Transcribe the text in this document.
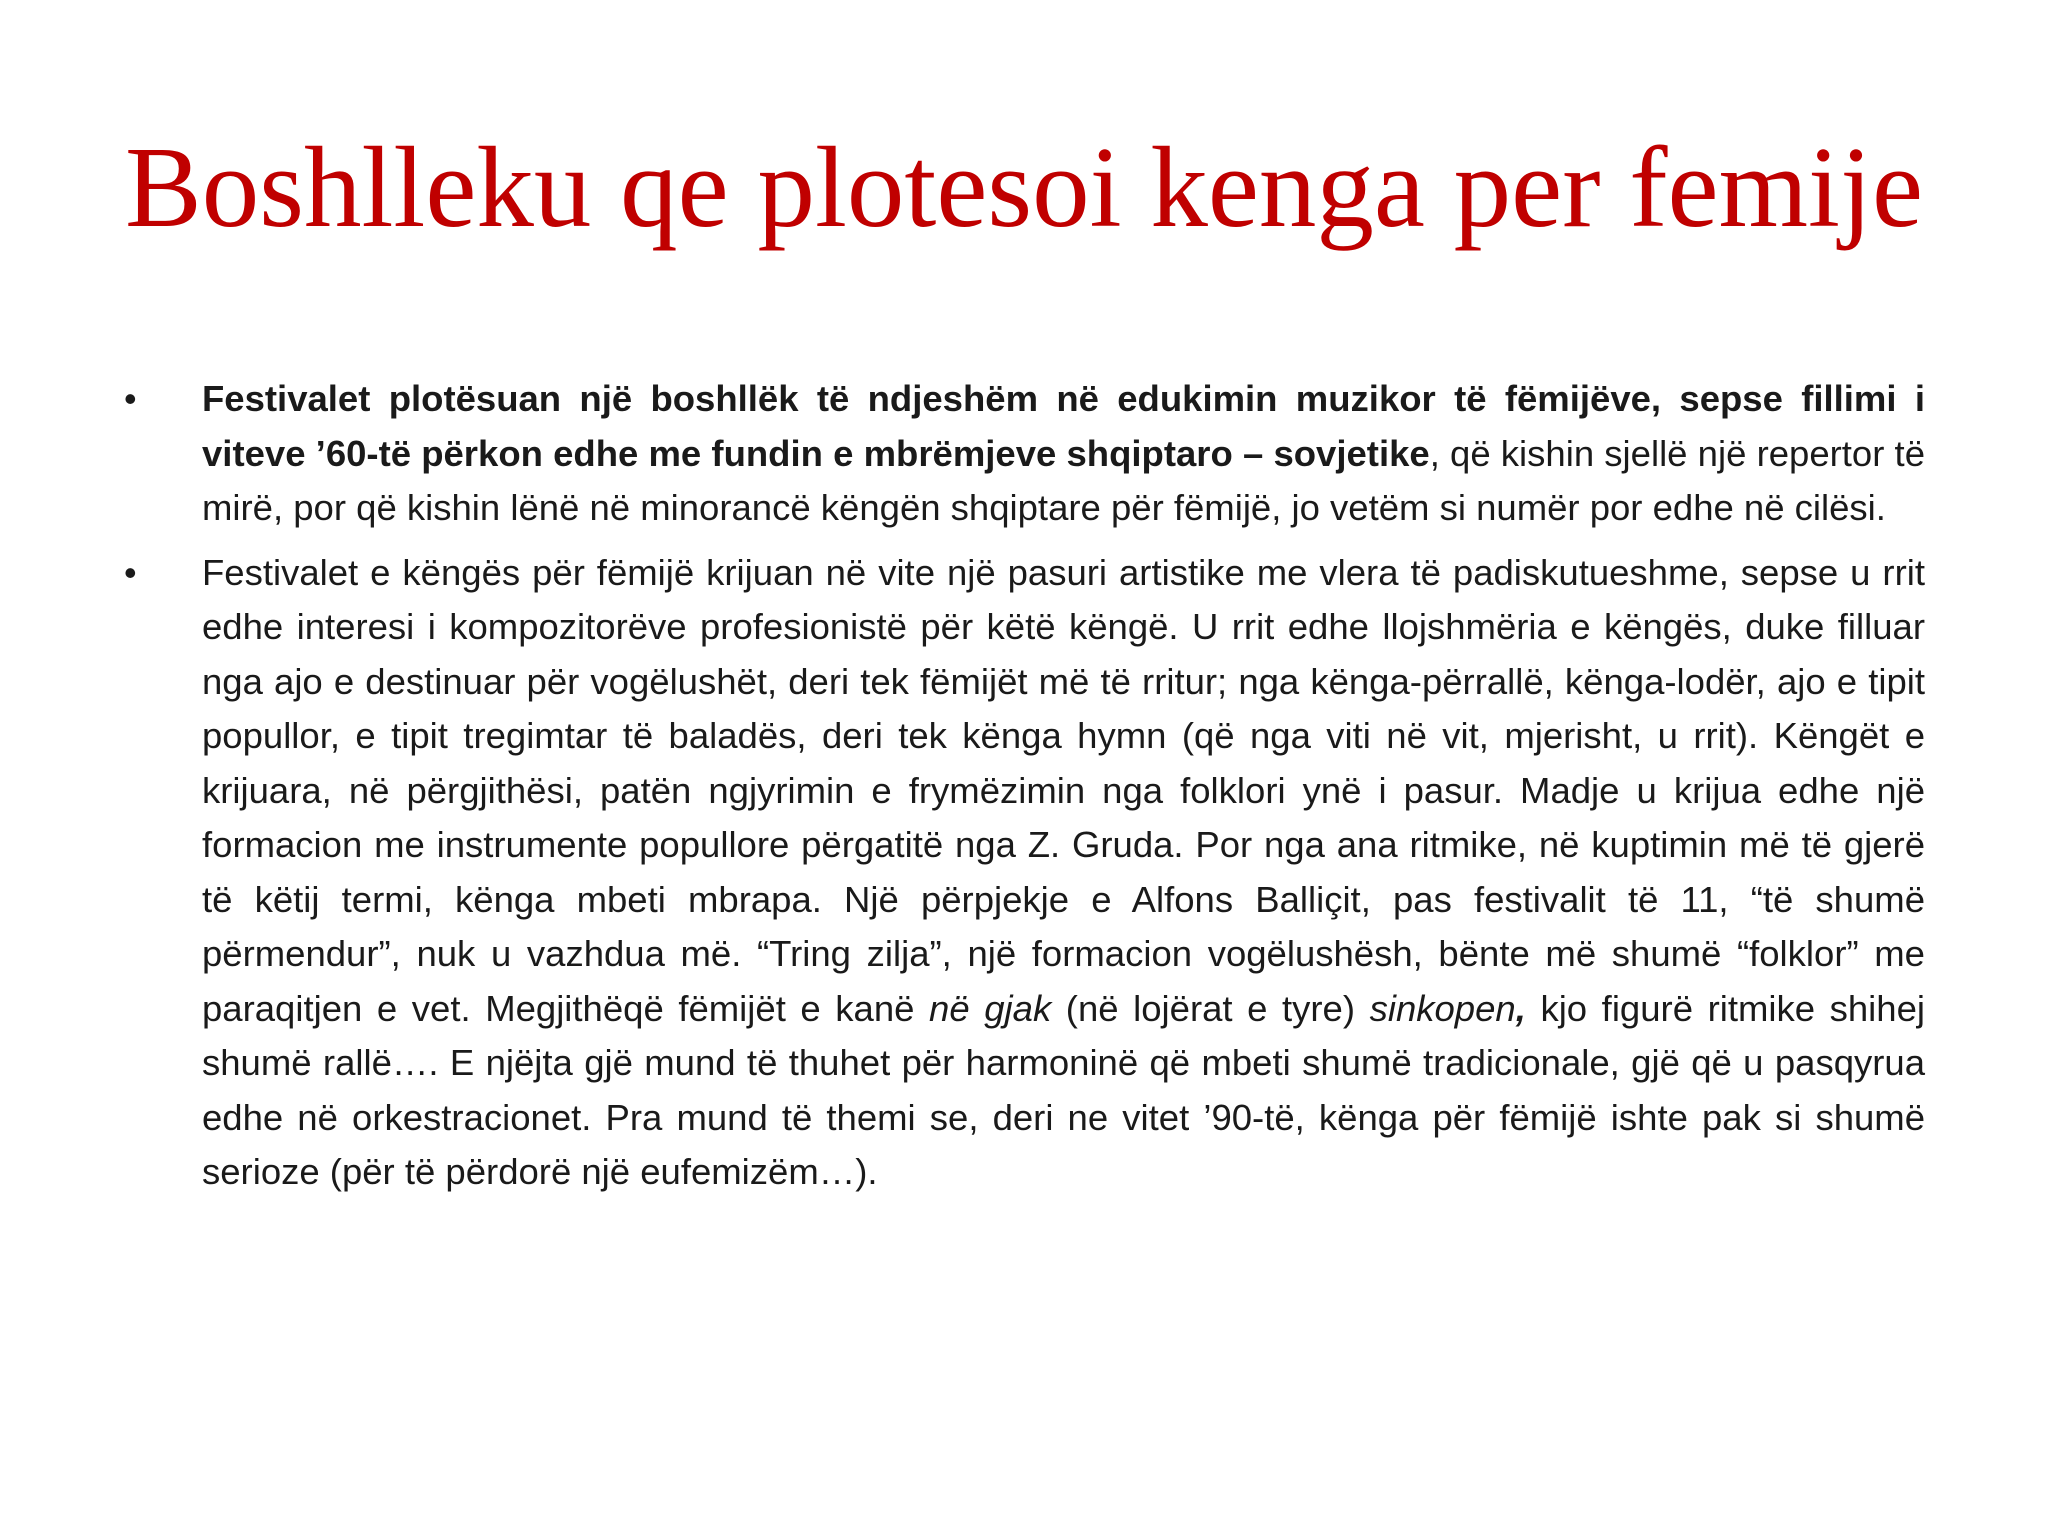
Boshlleku qe plotesoi kenga per femije
•	Festivalet plotësuan një boshllëk të ndjeshëm në edukimin muzikor të fëmijëve, sepse fillimi i viteve ’60-të përkon edhe me fundin e mbrëmjeve shqiptaro – sovjetike, që kishin sjellë një repertor të mirë, por që kishin lënë në minorancë këngën shqiptare për fëmijë, jo vetëm si numër por edhe në cilësi.
•	Festivalet e këngës për fëmijë krijuan në vite një pasuri artistike me vlera të padiskutueshme, sepse u rrit edhe interesi i kompozitorëve profesionistë për këtë këngë. U rrit edhe llojshmëria e këngës, duke filluar nga ajo e destinuar për vogëlushët, deri tek fëmijët më të rritur; nga kënga-përrallë, kënga-lodër, ajo e tipit popullor, e tipit tregimtar të baladës, deri tek kënga hymn (që nga viti në vit, mjerisht, u rrit). Këngët e krijuara, në përgjithësi, patën ngjyrimin e frymëzimin nga folklori ynë i pasur. Madje u krijua edhe një formacion me instrumente popullore përgatitë nga Z. Gruda. Por nga ana ritmike, në kuptimin më të gjerë të këtij termi, kënga mbeti mbrapa. Një përpjekje e Alfons Balliçit, pas festivalit të 11, “të shumë përmendur”, nuk u vazhdua më. “Tring zilja”, një formacion vogëlushësh, bënte më shumë “folklor” me paraqitjen e vet. Megjithëqë fëmijët e kanë në gjak (në lojërat e tyre) sinkopen, kjo figurë ritmike shihej shumë rallë…. E njëjta gjë mund të thuhet për harmoninë që mbeti shumë tradicionale, gjë që u pasqyrua edhe në orkestracionet. Pra mund të themi se, deri ne vitet ’90-të, kënga për fëmijë ishte pak si shumë serioze (për të përdorë një eufemizëm…).
